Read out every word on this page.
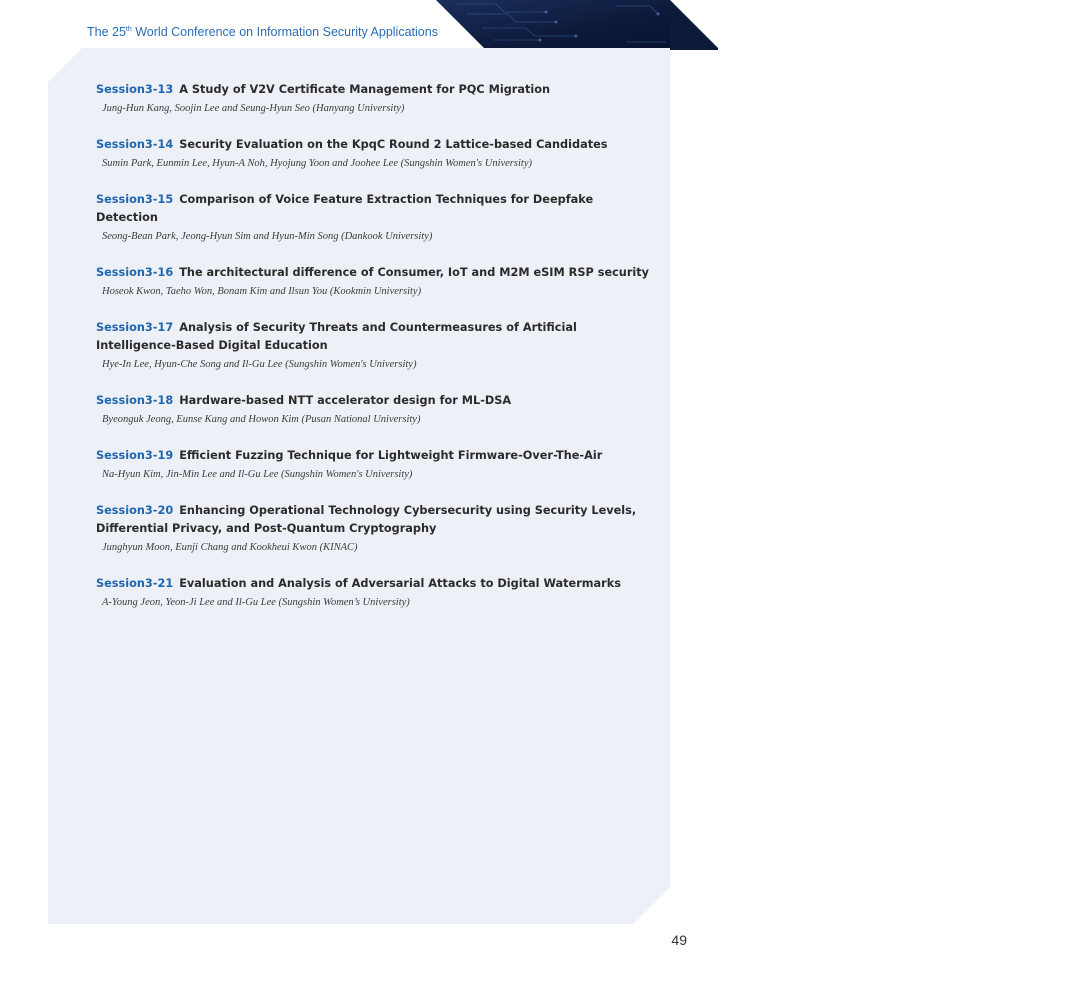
The 25th World Conference on Information Security Applications	WISA 2024
Session3-13 A Study of V2V Certificate Management for PQC Migration
Jung-Hun Kang, Soojin Lee and Seung-Hyun Seo (Hanyang University)
Session3-14 Security Evaluation on the KpqC Round 2 Lattice-based Candidates
Sumin Park, Eunmin Lee, Hyun-A Noh, Hyojung Yoon and Joohee Lee (Sungshin Women's University)
Session3-15 Comparison of Voice Feature Extraction Techniques for Deepfake Detection
Seong-Bean Park, Jeong-Hyun Sim and Hyun-Min Song (Dankook University)
Session3-16 The architectural difference of Consumer, IoT and M2M eSIM RSP security
Hoseok Kwon, Taeho Won, Bonam Kim and Ilsun You (Kookmin University)
Session3-17 Analysis of Security Threats and Countermeasures of Artificial Intelligence-Based Digital Education
Hye-In Lee, Hyun-Che Song and Il-Gu Lee (Sungshin Women's University)
Session3-18 Hardware-based NTT accelerator design for ML-DSA
Byeonguk Jeong, Eunse Kang and Howon Kim (Pusan National University)
Session3-19 Efficient Fuzzing Technique for Lightweight Firmware-Over-The-Air
Na-Hyun Kim, Jin-Min Lee and Il-Gu Lee (Sungshin Women's University)
Session3-20 Enhancing Operational Technology Cybersecurity using Security Levels, Differential Privacy, and Post-Quantum Cryptography
Junghyun Moon, Eunji Chang and Kookheui Kwon (KINAC)
Session3-21 Evaluation and Analysis of Adversarial Attacks to Digital Watermarks
A-Young Jeon, Yeon-Ji Lee and Il-Gu Lee (Sungshin Women’s University)
49
